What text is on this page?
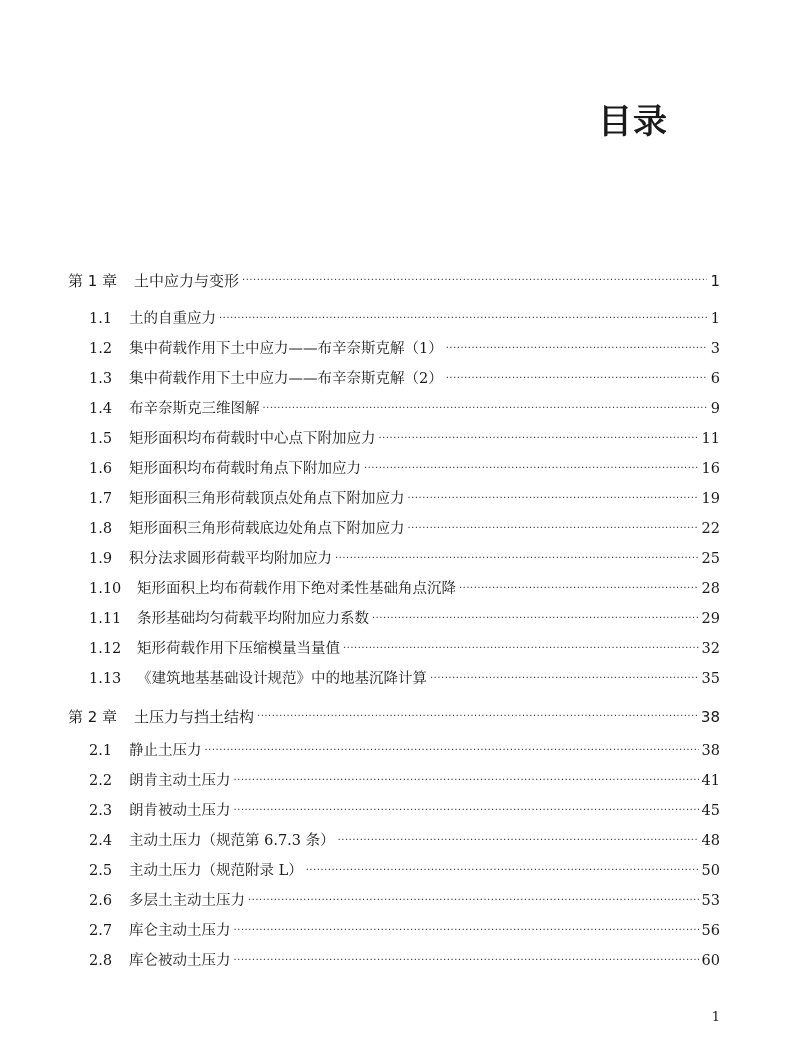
目录
第 1 章	土中应力与变形 ·····	1
1.1	土的自重应力 ·····	1
1.2	集中荷载作用下土中应力——布辛奈斯克解（1） ·····	3
1.3	集中荷载作用下土中应力——布辛奈斯克解（2） ·····	6
1.4	布辛奈斯克三维图解 ·····	9
1.5	矩形面积均布荷载时中心点下附加应力 ·····	11
1.6	矩形面积均布荷载时角点下附加应力 ·····	16
1.7	矩形面积三角形荷载顶点处角点下附加应力 ·····	19
1.8	矩形面积三角形荷载底边处角点下附加应力 ·····	22
1.9	积分法求圆形荷载平均附加应力 ·····	25
1.10	矩形面积上均布荷载作用下绝对柔性基础角点沉降 ·····	28
1.11	条形基础均匀荷载平均附加应力系数 ·····	29
1.12	矩形荷载作用下压缩模量当量值 ·····	32
1.13	《建筑地基基础设计规范》中的地基沉降计算 ·····	35
第 2 章	土压力与挡土结构 ·····	38
2.1	静止土压力 ·····	38
2.2	朗肯主动土压力 ·····	41
2.3	朗肯被动土压力 ·····	45
2.4	主动土压力（规范第 6.7.3 条） ·····	48
2.5	主动土压力（规范附录 L） ·····	50
2.6	多层土主动土压力 ·····	53
2.7	库仑主动土压力 ·····	56
2.8	库仑被动土压力 ·····	60
1
